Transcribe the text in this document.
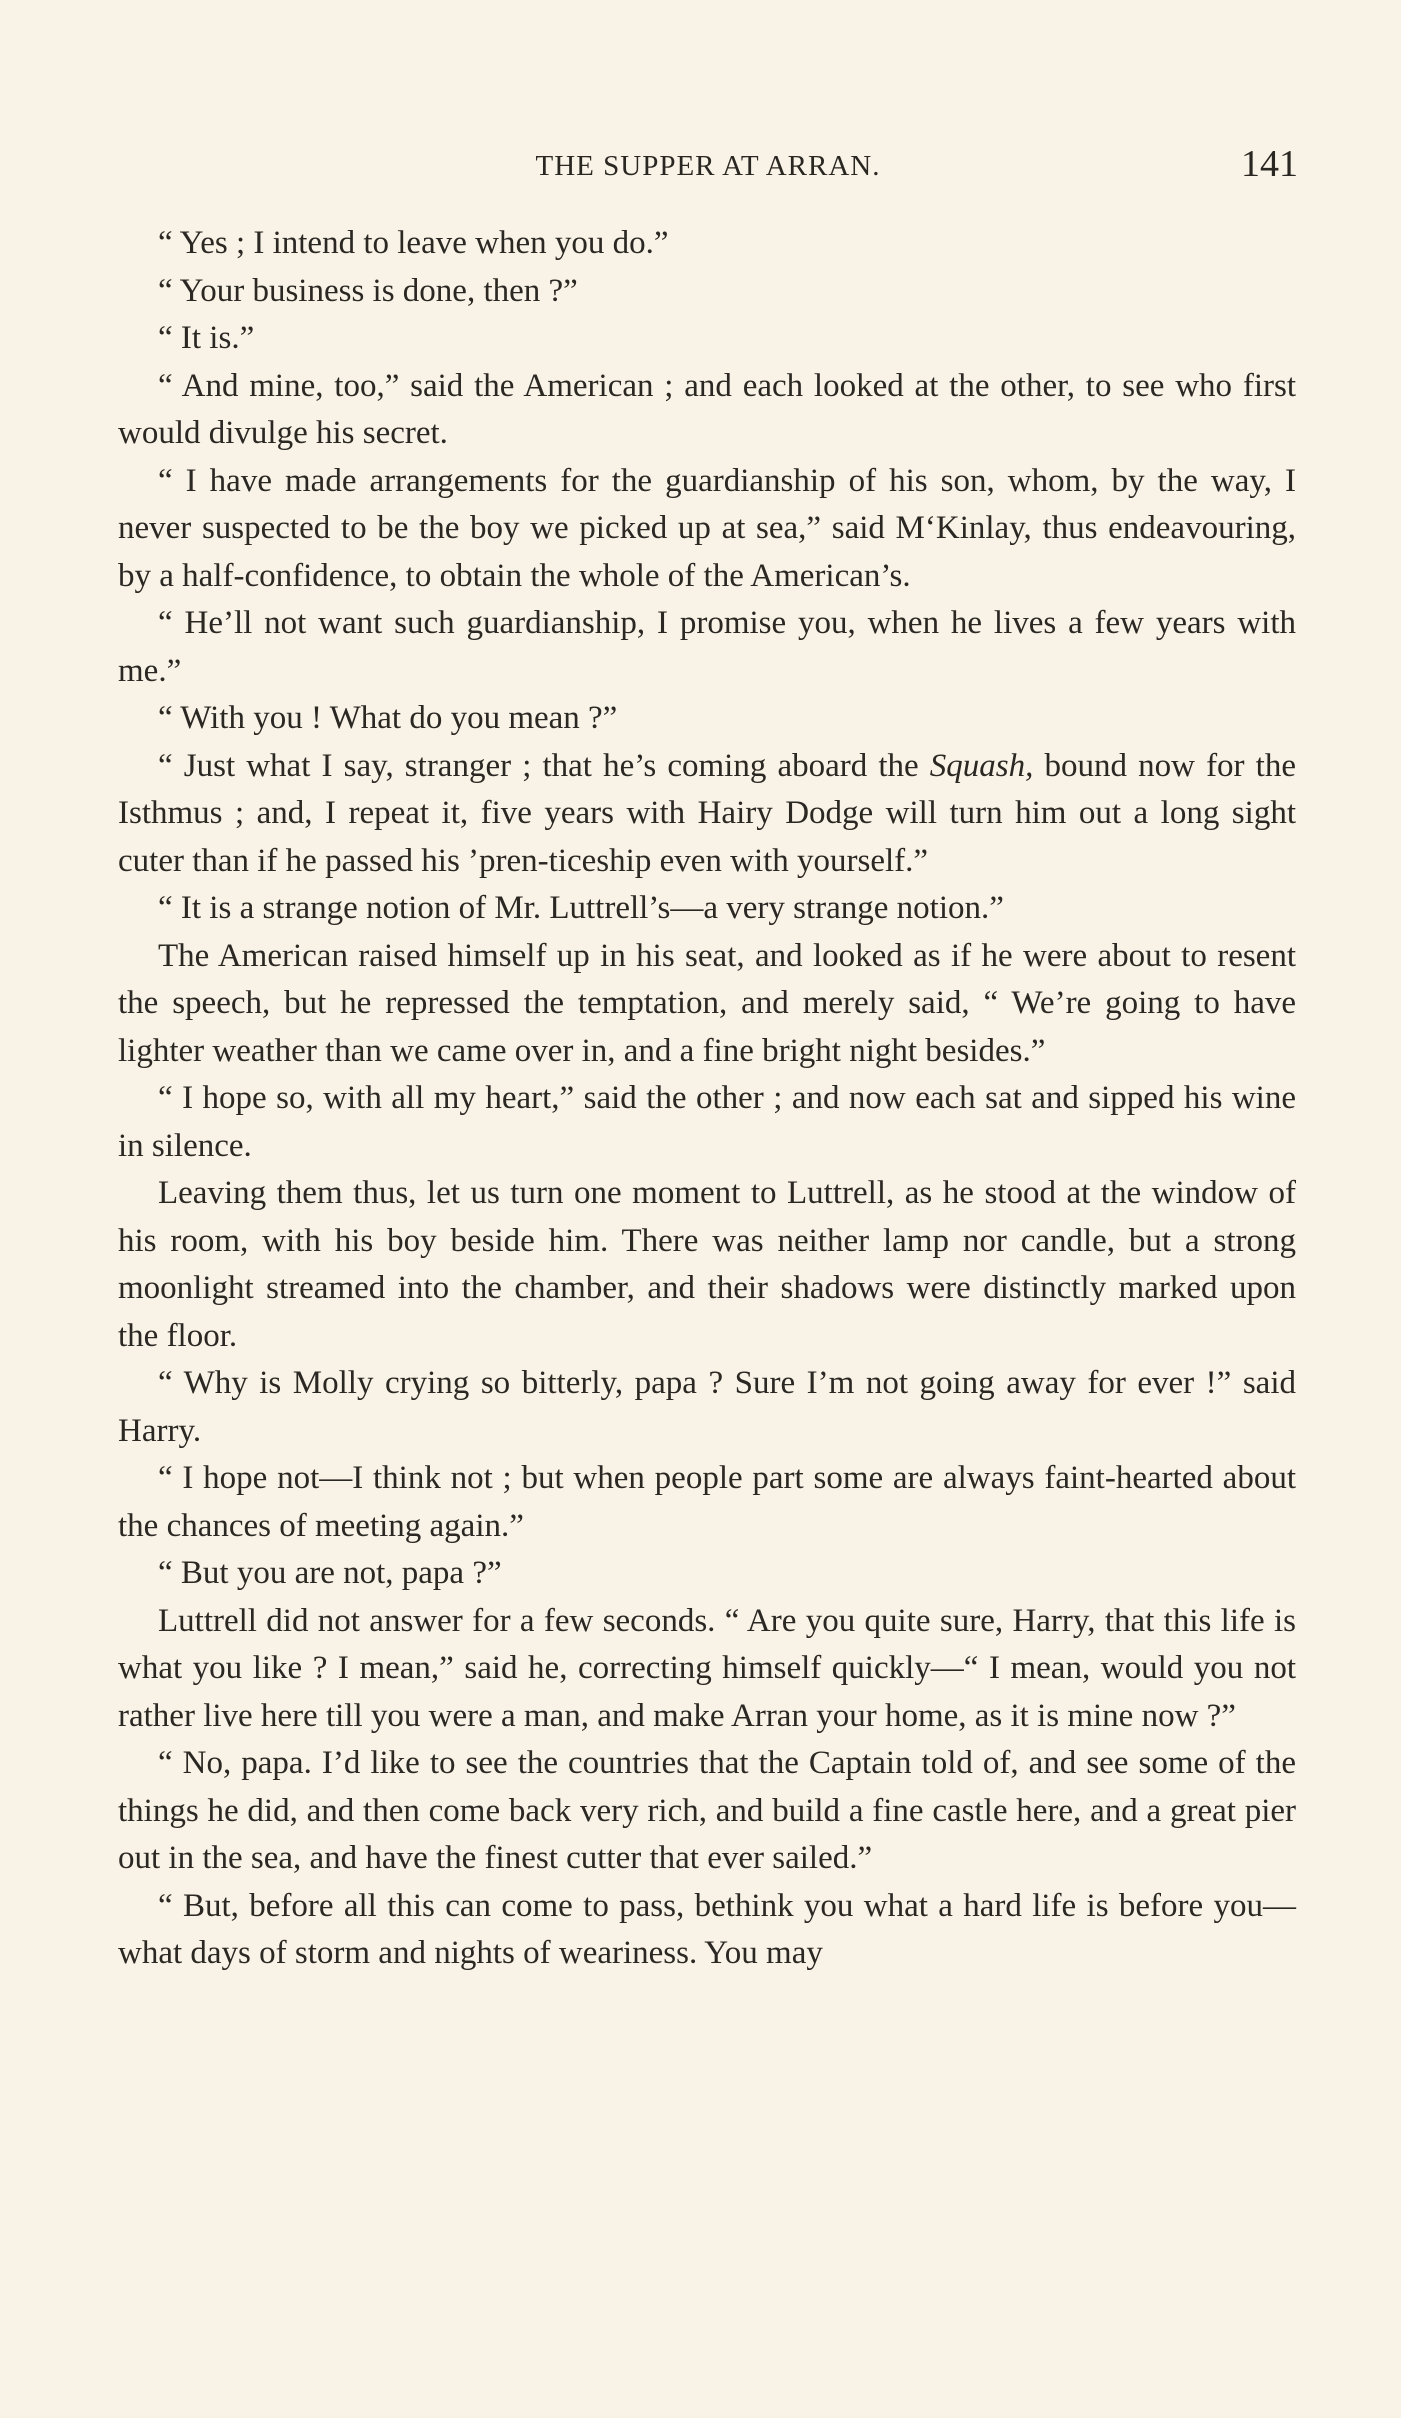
THE SUPPER AT ARRAN.	141

“ Yes ; I intend to leave when you do.”

“ Your business is done, then ?”

“ It is.”

“ And mine, too,” said the American ; and each looked at the other, to see who first would divulge his secret.

“ I have made arrangements for the guardianship of his son, whom, by the way, I never suspected to be the boy we picked up at sea,” said M‘Kinlay, thus endeavouring, by a half-confidence, to obtain the whole of the American’s.

“ He’ll not want such guardianship, I promise you, when he lives a few years with me.”

“ With you ! What do you mean ?”

“ Just what I say, stranger ; that he’s coming aboard the Squash, bound now for the Isthmus ; and, I repeat it, five years with Hairy Dodge will turn him out a long sight cuter than if he passed his ’pren-ticeship even with yourself.”

“ It is a strange notion of Mr. Luttrell’s—a very strange notion.”

The American raised himself up in his seat, and looked as if he were about to resent the speech, but he repressed the temptation, and merely said, “ We’re going to have lighter weather than we came over in, and a fine bright night besides.”

“ I hope so, with all my heart,” said the other ; and now each sat and sipped his wine in silence.

Leaving them thus, let us turn one moment to Luttrell, as he stood at the window of his room, with his boy beside him. There was neither lamp nor candle, but a strong moonlight streamed into the chamber, and their shadows were distinctly marked upon the floor.

“ Why is Molly crying so bitterly, papa ? Sure I’m not going away for ever !” said Harry.

“ I hope not—I think not ; but when people part some are always faint-hearted about the chances of meeting again.”

“ But you are not, papa ?”

Luttrell did not answer for a few seconds. “ Are you quite sure, Harry, that this life is what you like ? I mean,” said he, correcting himself quickly—“ I mean, would you not rather live here till you were a man, and make Arran your home, as it is mine now ?”

“ No, papa. I’d like to see the countries that the Captain told of, and see some of the things he did, and then come back very rich, and build a fine castle here, and a great pier out in the sea, and have the finest cutter that ever sailed.”

“ But, before all this can come to pass, bethink you what a hard life is before you—what days of storm and nights of weariness. You may
